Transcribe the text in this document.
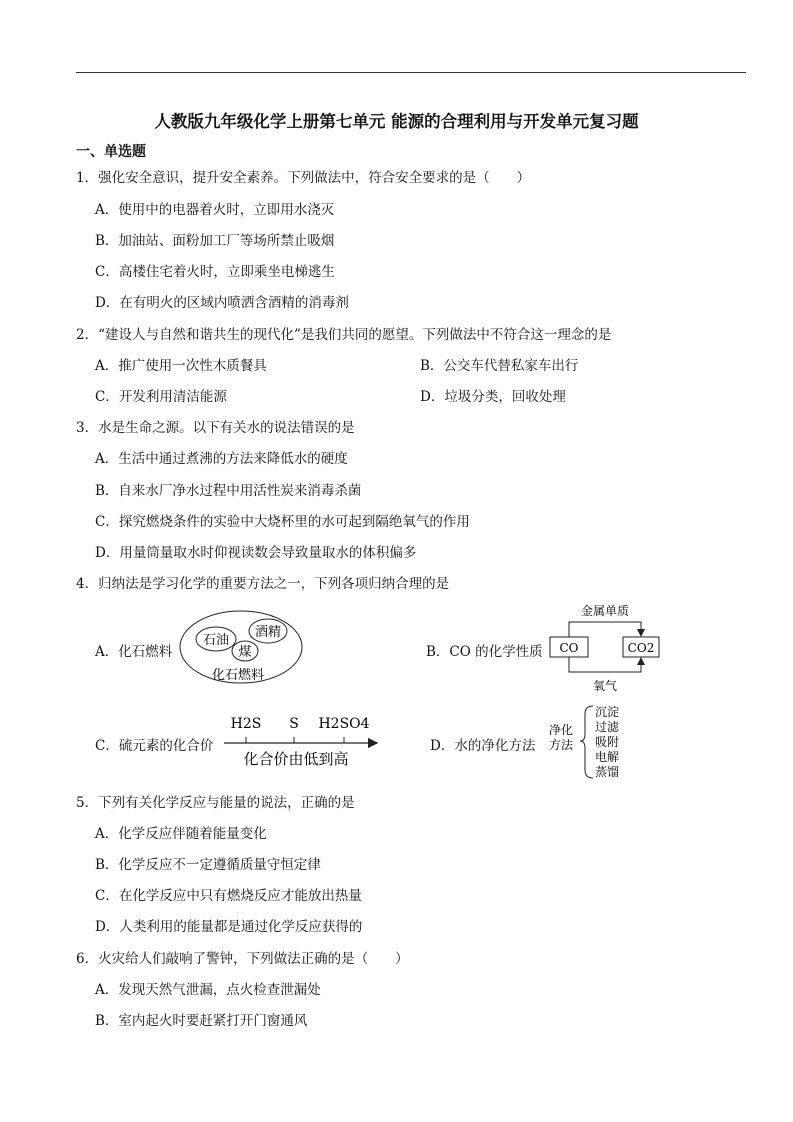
人教版九年级化学上册第七单元 能源的合理利用与开发单元复习题
一、单选题
1．强化安全意识，提升安全素养。下列做法中，符合安全要求的是（　　）
A．使用中的电器着火时，立即用水浇灭
B．加油站、面粉加工厂等场所禁止吸烟
C．高楼住宅着火时，立即乘坐电梯逃生
D．在有明火的区域内喷洒含酒精的消毒剂
2．“建设人与自然和谐共生的现代化”是我们共同的愿望。下列做法中不符合这一理念的是
A．推广使用一次性木质餐具	B．公交车代替私家车出行
C．开发利用清洁能源	D．垃圾分类，回收处理
3．水是生命之源。以下有关水的说法错误的是
A．生活中通过煮沸的方法来降低水的硬度
B．自来水厂净水过程中用活性炭来消毒杀菌
C．探究燃烧条件的实验中大烧杯里的水可起到隔绝氧气的作用
D．用量筒量取水时仰视读数会导致量取水的体积偏多
4．归纳法是学习化学的重要方法之一，下列各项归纳合理的是
A．化石燃料
石油
酒精
煤
化石燃料
B．CO 的化学性质
金属单质
CO	CO2
氧气
C．硫元素的化合价
H2S S H2SO4
化合价由低到高
D．水的净化方法
净化
方法
沉淀
过滤
吸附
电解
蒸馏
5．下列有关化学反应与能量的说法，正确的是
A．化学反应伴随着能量变化
B．化学反应不一定遵循质量守恒定律
C．在化学反应中只有燃烧反应才能放出热量
D．人类利用的能量都是通过化学反应获得的
6．火灾给人们敲响了警钟，下列做法正确的是（　　）
A．发现天然气泄漏，点火检查泄漏处
B．室内起火时要赶紧打开门窗通风
